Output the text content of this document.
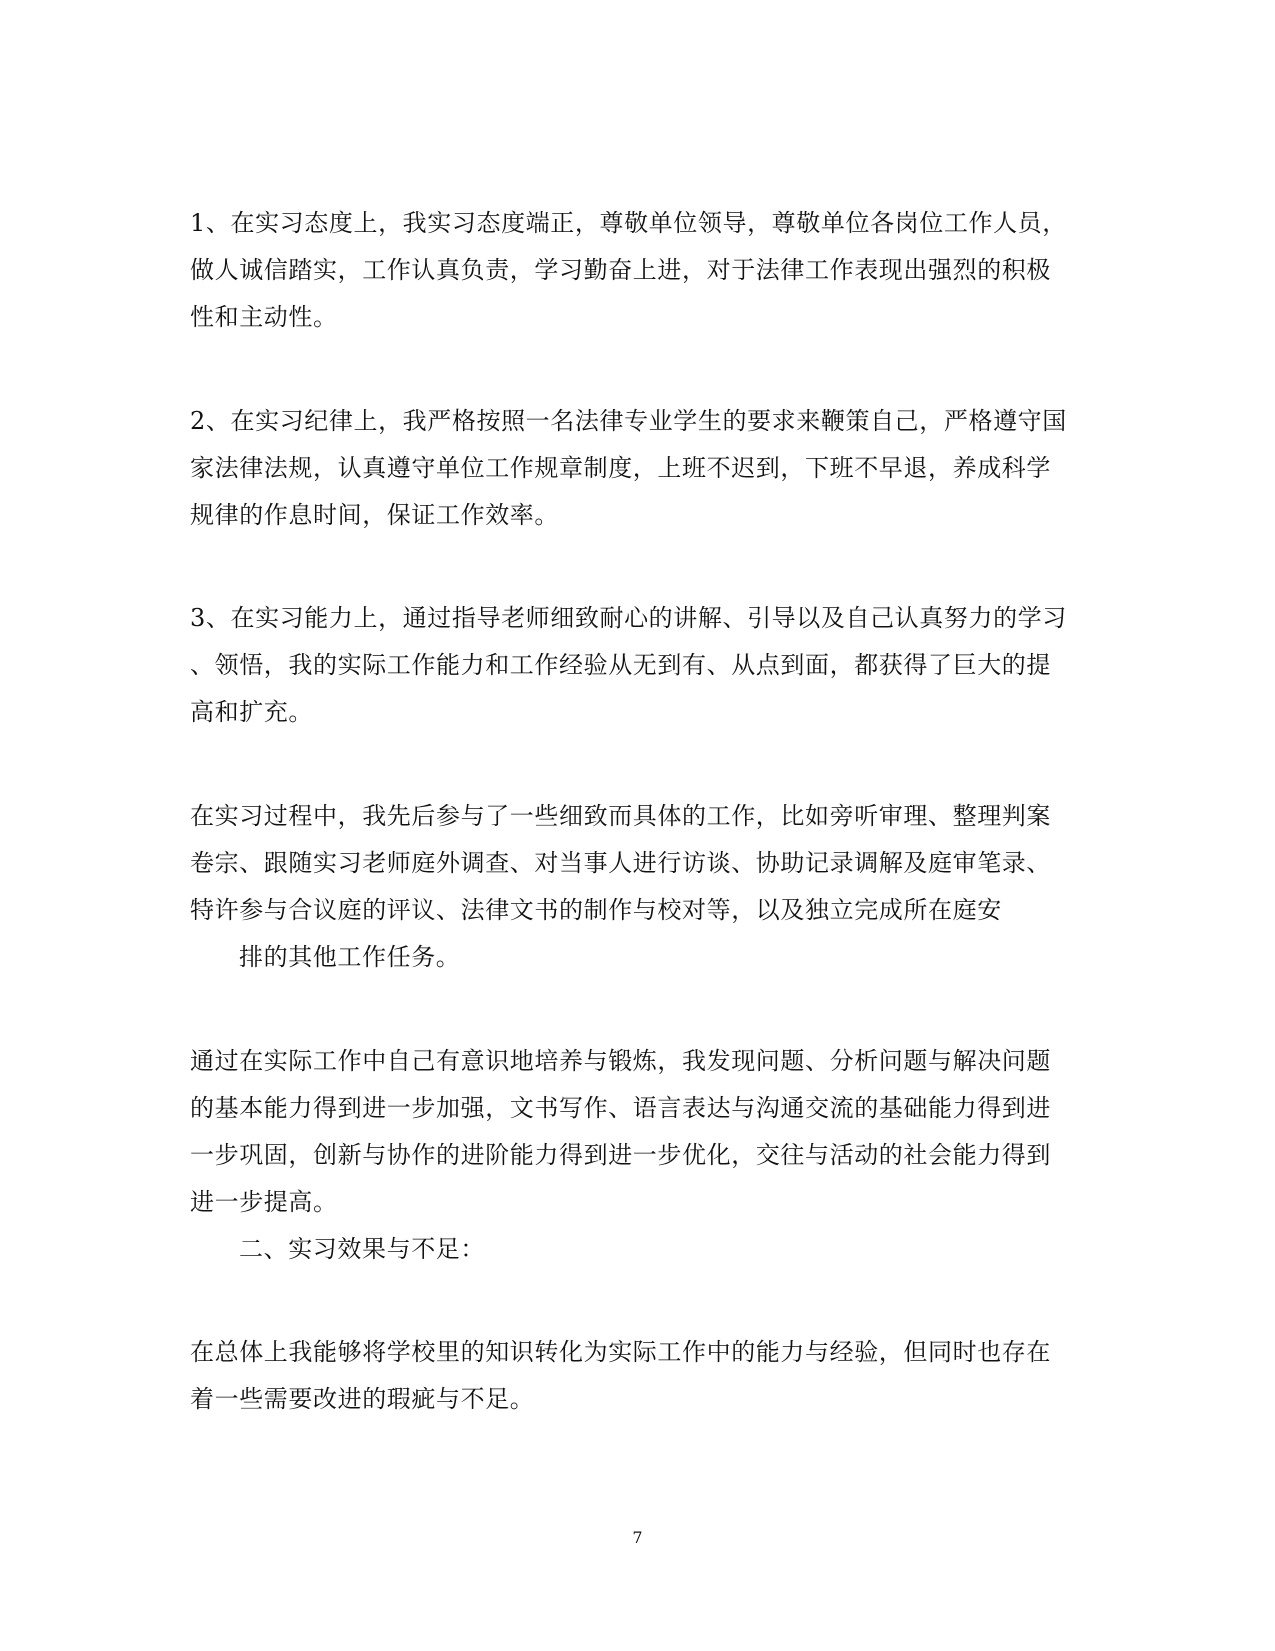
1、在实习态度上，我实习态度端正，尊敬单位领导，尊敬单位各岗位工作人员，
做人诚信踏实，工作认真负责，学习勤奋上进，对于法律工作表现出强烈的积极
性和主动性。
2、在实习纪律上，我严格按照一名法律专业学生的要求来鞭策自己，严格遵守国
家法律法规，认真遵守单位工作规章制度，上班不迟到，下班不早退，养成科学
规律的作息时间，保证工作效率。
3、在实习能力上，通过指导老师细致耐心的讲解、引导以及自己认真努力的学习
、领悟，我的实际工作能力和工作经验从无到有、从点到面，都获得了巨大的提
高和扩充。
在实习过程中，我先后参与了一些细致而具体的工作，比如旁听审理、整理判案
卷宗、跟随实习老师庭外调查、对当事人进行访谈、协助记录调解及庭审笔录、
特许参与合议庭的评议、法律文书的制作与校对等，以及独立完成所在庭安
排的其他工作任务。
通过在实际工作中自己有意识地培养与锻炼，我发现问题、分析问题与解决问题
的基本能力得到进一步加强，文书写作、语言表达与沟通交流的基础能力得到进
一步巩固，创新与协作的进阶能力得到进一步优化，交往与活动的社会能力得到
进一步提高。
二、实习效果与不足：
在总体上我能够将学校里的知识转化为实际工作中的能力与经验，但同时也存在
着一些需要改进的瑕疵与不足。
7
